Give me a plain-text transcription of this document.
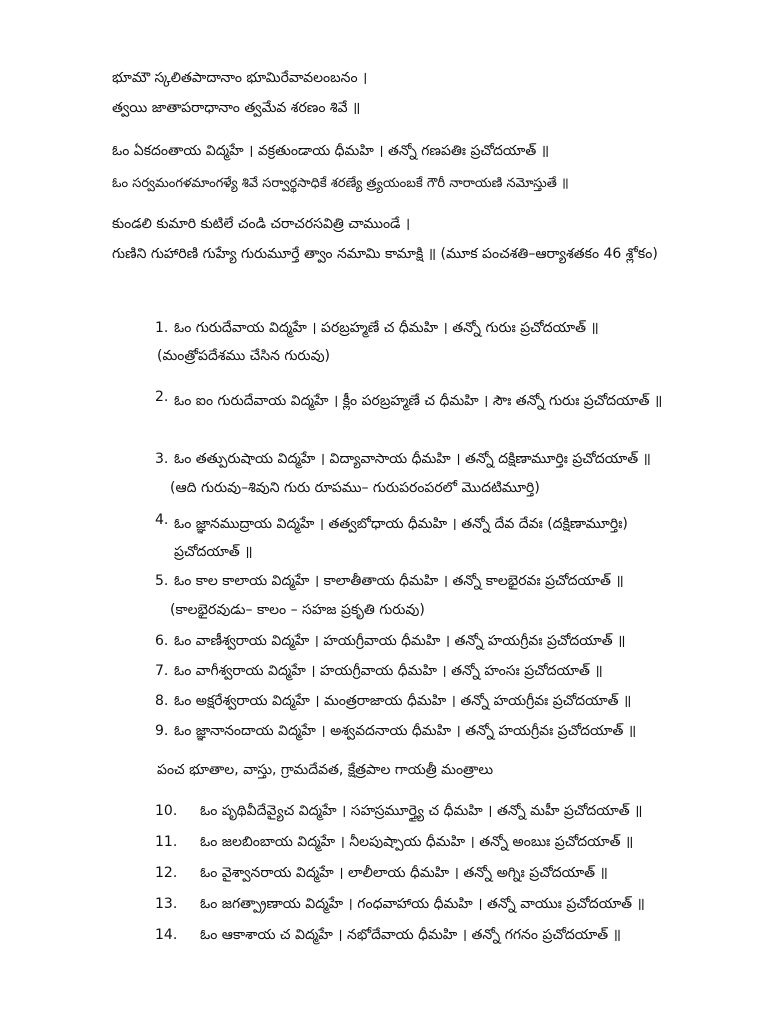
భూమౌ స్కలితపాదానాం భూమిరేవావలంబనం ।
త్వయి జాతాపరాధానాం త్వమేవ శరణం శివే ॥
ఓం ఏకదంతాయ విద్మహే । వక్రతుండాయ ధీమహి । తన్నో గణపతిః ప్రచోదయాత్ ॥
ఓం సర్వమంగళమాంగళ్యే శివే సర్వార్థసాధికే శరణ్యే త్ర్యయంబకే గౌరీ నారాయణి నమోస్తుతే ॥
కుండలి కుమారి కుటిలే చండి చరాచరసవిత్రి చాముండే ।
గుణిని గుహారిణి గుహ్యే గురుమూర్తే త్వాం నమామి కామాక్షి ॥ (మూక పంచశతి–ఆర్యాశతకం 46 శ్లోకం)
1. ఓం గురుదేవాయ విద్మహే । పరబ్రహ్మణే చ ధీమహి । తన్నో గురుః ప్రచోదయాత్ ॥
(మంత్రోపదేశము చేసిన గురువు)
2. ఓం ఐం గురుదేవాయ విద్మహే । క్లీం పరబ్రహ్మణే చ ధీమహి । సౌః తన్నో గురుః ప్రచోదయాత్ ॥
3. ఓం తత్పురుషాయ విద్మహే । విద్యావాసాయ ధీమహి । తన్నో దక్షిణామూర్తిః ప్రచోదయాత్ ॥
(ఆది గురువు–శివుని గురు రూపము– గురుపరంపరలో మొదటిమూర్తి)
4. ఓం జ్ఞానముద్రాయ విద్మహే । తత్వబోధాయ ధీమహి । తన్నో దేవ దేవః (దక్షిణామూర్తిః) ప్రచోదయాత్ ॥
5. ఓం కాల కాలాయ విద్మహే । కాలాతీతాయ ధీమహి । తన్నో కాలభైరవః ప్రచోదయాత్ ॥
(కాలభైరవుడు– కాలం – సహజ ప్రకృతి గురువు)
6. ఓం వాణీశ్వరాయ విద్మహే । హయగ్రీవాయ ధీమహి । తన్నో హయగ్రీవః ప్రచోదయాత్ ॥
7. ఓం వాగీశ్వరాయ విద్మహే । హయగ్రీవాయ ధీమహి । తన్నో హంసః ప్రచోదయాత్ ॥
8. ఓం అక్షరేశ్వరాయ విద్మహే । మంత్రరాజాయ ధీమహి । తన్నో హయగ్రీవః ప్రచోదయాత్ ॥
9. ఓం జ్ఞానానందాయ విద్మహే । అశ్వవదనాయ ధీమహి । తన్నో హయగ్రీవః ప్రచోదయాత్ ॥
పంచ భూతాల, వాస్తు, గ్రామదేవత, క్షేత్రపాల గాయత్రీ మంత్రాలు
10. ఓం పృథివీదేవ్యైచ విద్మహే । సహస్రమూర్త్యై చ ధీమహి । తన్నో మహీ ప్రచోదయాత్ ॥
11. ఓం జలబింబాయ విద్మహే । నీలపుష్పాయ ధీమహి । తన్నో అంబుః ప్రచోదయాత్ ॥
12. ఓం వైశ్వానరాయ విద్మహే । లాలీలాయ ధీమహి । తన్నో అగ్నిః ప్రచోదయాత్ ॥
13. ఓం జగత్ప్రాణాయ విద్మహే । గంధవాహాయ ధీమహి । తన్నో వాయుః ప్రచోదయాత్ ॥
14. ఓం ఆకాశాయ చ విద్మహే । నభోదేవాయ ధీమహి । తన్నో గగనం ప్రచోదయాత్ ॥
